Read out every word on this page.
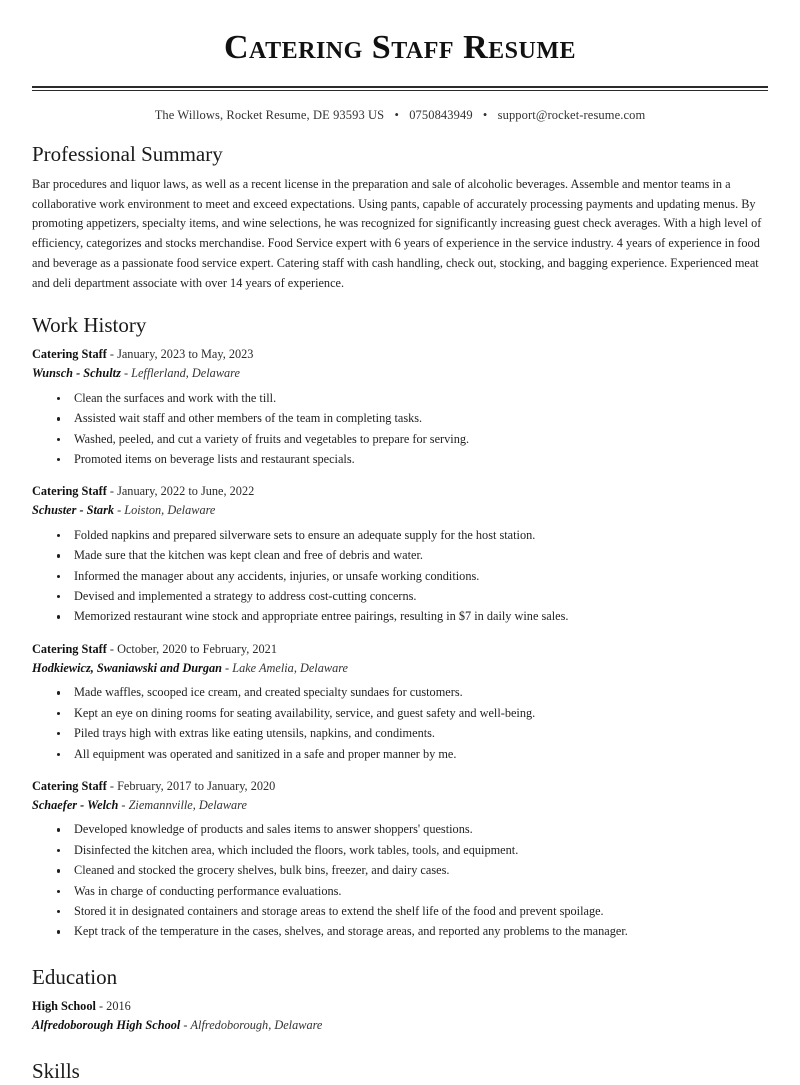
Catering Staff Resume
The Willows, Rocket Resume, DE 93593 US • 0750843949 • support@rocket-resume.com
Professional Summary

Bar procedures and liquor laws, as well as a recent license in the preparation and sale of alcoholic beverages. Assemble and mentor teams in a collaborative work environment to meet and exceed expectations. Using pants, capable of accurately processing payments and updating menus. By promoting appetizers, specialty items, and wine selections, he was recognized for significantly increasing guest check averages. With a high level of efficiency, categorizes and stocks merchandise. Food Service expert with 6 years of experience in the service industry. 4 years of experience in food and beverage as a passionate food service expert. Catering staff with cash handling, check out, stocking, and bagging experience. Experienced meat and deli department associate with over 14 years of experience.

Work History
Catering Staff - January, 2023 to May, 2023
Wunsch - Schultz - Lefflerland, Delaware
Clean the surfaces and work with the till.
Assisted wait staff and other members of the team in completing tasks.
Washed, peeled, and cut a variety of fruits and vegetables to prepare for serving.
Promoted items on beverage lists and restaurant specials.
Catering Staff - January, 2022 to June, 2022
Schuster - Stark - Loiston, Delaware
Folded napkins and prepared silverware sets to ensure an adequate supply for the host station.
Made sure that the kitchen was kept clean and free of debris and water.
Informed the manager about any accidents, injuries, or unsafe working conditions.
Devised and implemented a strategy to address cost-cutting concerns.
Memorized restaurant wine stock and appropriate entree pairings, resulting in $7 in daily wine sales.
Catering Staff - October, 2020 to February, 2021
Hodkiewicz, Swaniawski and Durgan - Lake Amelia, Delaware
Made waffles, scooped ice cream, and created specialty sundaes for customers.
Kept an eye on dining rooms for seating availability, service, and guest safety and well-being.
Piled trays high with extras like eating utensils, napkins, and condiments.
All equipment was operated and sanitized in a safe and proper manner by me.
Catering Staff - February, 2017 to January, 2020
Schaefer - Welch - Ziemannville, Delaware
Developed knowledge of products and sales items to answer shoppers' questions.
Disinfected the kitchen area, which included the floors, work tables, tools, and equipment.
Cleaned and stocked the grocery shelves, bulk bins, freezer, and dairy cases.
Was in charge of conducting performance evaluations.
Stored it in designated containers and storage areas to extend the shelf life of the food and prevent spoilage.
Kept track of the temperature in the cases, shelves, and storage areas, and reported any problems to the manager.
Education
High School - 2016
Alfredoborough High School - Alfredoborough, Delaware
Skills
